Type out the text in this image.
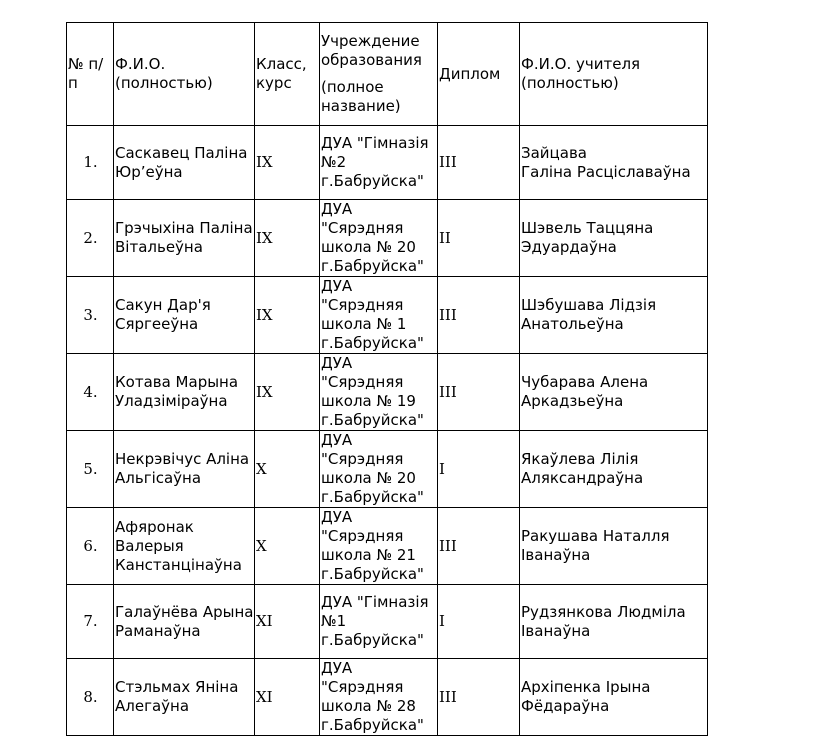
№ п/
п	Ф.И.О.
(полностью)	Класс,
курс	Учреждение
образования
(полное
название)	Диплом	Ф.И.О. учителя
(полностью)

1.	Саскавец Паліна
Юр’еўна	IX	ДУА "Гімназія
№2
г.Бабруйска"	III	Зайцава
Галіна Расціславаўна

2.	Грэчыхіна Паліна
Вітальеўна	IX	ДУА "Сярэдняя
школа № 20
г.Бабруйска"	II	Шэвель Таццяна
Эдуардаўна

3.	Сакун Дар'я
Сяргееўна	IX	ДУА "Сярэдняя
школа № 1
г.Бабруйска"	III	Шэбушава Лідзія
Анатольеўна

4.	Котава Марына
Уладзіміраўна	IX	ДУА "Сярэдняя
школа № 19
г.Бабруйска"	III	Чубарава Алена
Аркадзьеўна

5.	Некрэвічус Аліна
Альгісаўна	X	ДУА "Сярэдняя
школа № 20
г.Бабруйска"	I	Якаўлева Лілія
Аляксандраўна

6.	Афяронак
Валерыя
Канстанцінаўна	X	ДУА "Сярэдняя
школа № 21
г.Бабруйска"	III	Ракушава Наталля
Іванаўна

7.	Галаўнёва Арына
Раманаўна	XI	ДУА "Гімназія
№1
г.Бабруйска"	I	Рудзянкова Людміла
Іванаўна

8.	Стэльмах Яніна
Алегаўна	XI	ДУА "Сярэдняя
школа № 28
г.Бабруйска"	III	Архіпенка Ірына
Фёдараўна
